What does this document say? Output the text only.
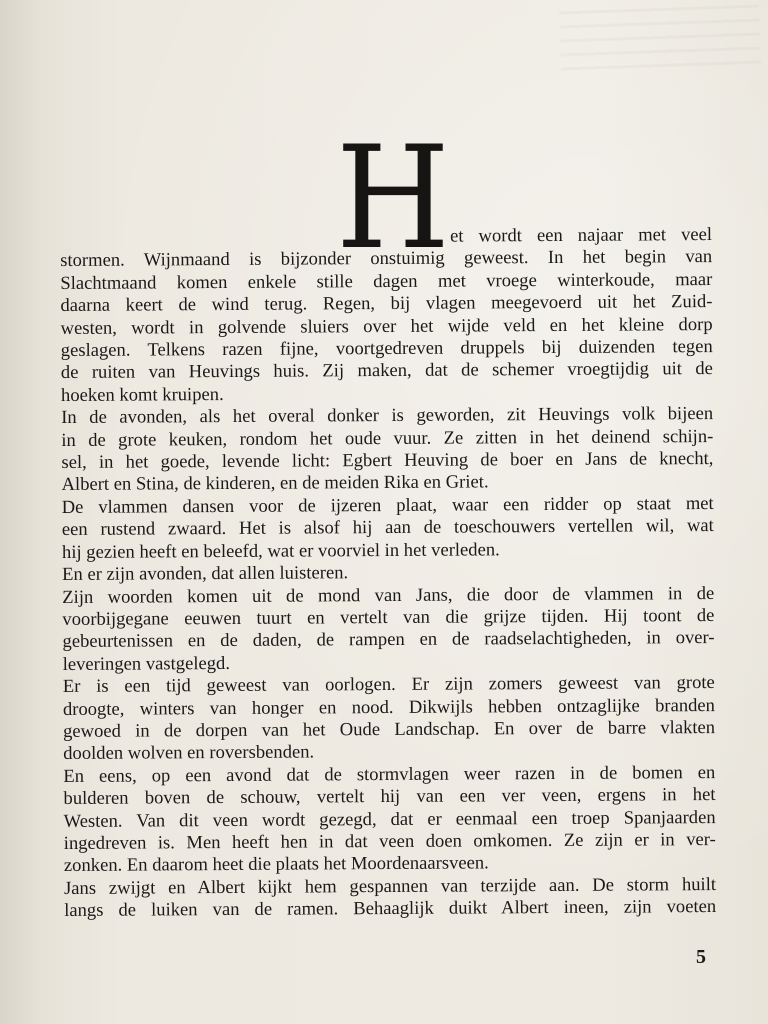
H et wordt een najaar met veel
stormen. Wijnmaand is bijzonder onstuimig geweest. In het begin van
Slachtmaand komen enkele stille dagen met vroege winterkoude, maar
daarna keert de wind terug. Regen, bij vlagen meegevoerd uit het Zuid-
westen, wordt in golvende sluiers over het wijde veld en het kleine dorp
geslagen. Telkens razen fijne, voortgedreven druppels bij duizenden tegen
de ruiten van Heuvings huis. Zij maken, dat de schemer vroegtijdig uit de
hoeken komt kruipen.
In de avonden, als het overal donker is geworden, zit Heuvings volk bijeen
in de grote keuken, rondom het oude vuur. Ze zitten in het deinend schijn-
sel, in het goede, levende licht: Egbert Heuving de boer en Jans de knecht,
Albert en Stina, de kinderen, en de meiden Rika en Griet.
De vlammen dansen voor de ijzeren plaat, waar een ridder op staat met
een rustend zwaard. Het is alsof hij aan de toeschouwers vertellen wil, wat
hij gezien heeft en beleefd, wat er voorviel in het verleden.
En er zijn avonden, dat allen luisteren.
Zijn woorden komen uit de mond van Jans, die door de vlammen in de
voorbijgegane eeuwen tuurt en vertelt van die grijze tijden. Hij toont de
gebeurtenissen en de daden, de rampen en de raadselachtigheden, in over-
leveringen vastgelegd.
Er is een tijd geweest van oorlogen. Er zijn zomers geweest van grote
droogte, winters van honger en nood. Dikwijls hebben ontzaglijke branden
gewoed in de dorpen van het Oude Landschap. En over de barre vlakten
doolden wolven en roversbenden.
En eens, op een avond dat de stormvlagen weer razen in de bomen en
bulderen boven de schouw, vertelt hij van een ver veen, ergens in het
Westen. Van dit veen wordt gezegd, dat er eenmaal een troep Spanjaarden
ingedreven is. Men heeft hen in dat veen doen omkomen. Ze zijn er in ver-
zonken. En daarom heet die plaats het Moordenaarsveen.
Jans zwijgt en Albert kijkt hem gespannen van terzijde aan. De storm huilt
langs de luiken van de ramen. Behaaglijk duikt Albert ineen, zijn voeten
5
